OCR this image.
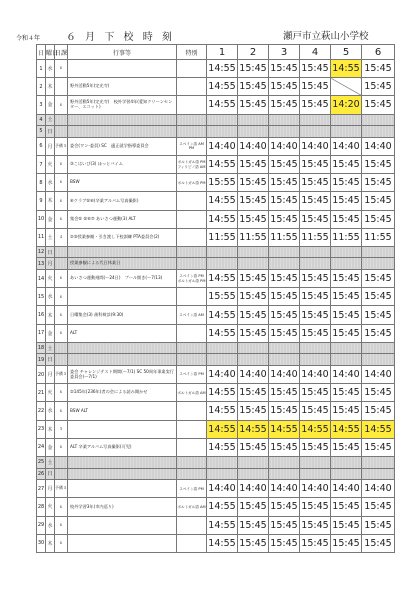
令和４年	６ 月 下 校 時 刻	瀬戸市立萩山小学校
日	曜日	日課	行事等	特別	1	2	3	4	5	6
1	水	６			14:55	15:45	15:45	15:45	14:55	15:45
2	木		野外活動5年(定光寺)		14:55	15:45	15:45	15:45		15:45
3	金	６	野外活動5年(定光寺)　校外学習4年(愛知クリーンセンター、エコット)		14:55	15:45	15:45	15:45	14:20	15:45
4	土									
5	日									
6	月	予備５	委会(ワン-委員) SC　適正就学指導委員会	スペイン語 AM　PM	14:40	14:40	14:40	14:40	14:40	14:40
7	火	６	③こはいび(3) ほっとバイム	ポルトガル語 PM　フィリピノ語 AM	14:55	15:45	15:45	15:45	15:45	15:45
8	水	６	BSW	ポルトガル語 PM	15:55	15:45	15:45	15:45	15:45	15:45
9	木	６	⑥クラブ⑤⑥(卒業アルバム写真撮影)		14:55	15:45	15:45	15:45	15:45	15:45
10	金	６	集会⑤ ⑤⑥⑦ あいさつ運動(3) ALT		14:55	15:45	15:45	15:45	15:45	15:45
11	土	４	②③授業参観・引き渡し下校訓練 PTA委員会(2)		11:55	11:55	11:55	11:55	11:55	11:55
12	日									
13	月		授業参観による代日休業日							
14	火	６	あいさつ運動週間(～24日)　プール開き(～7/13)	スペイン語 PM　ポルトガル語 PM	14:55	15:45	15:45	15:45	15:45	15:45
15	水	６			15:55	15:45	15:45	15:45	15:45	15:45
16	木	６	日曜集会(3) 歯科検診(9:30)	スペイン語 AM	14:55	15:45	15:45	15:45	15:45	15:45
17	金	６	ALT		14:55	15:45	15:45	15:45	15:45	15:45
18	土									
19	日									
20	月	予備５	委会 チャレンジテスト期間(～7/1) SC 50周年事業実行委員会(～7/1)	スペイン語 PM	14:40	14:40	14:40	14:40	14:40	14:40
21	火	６	②145年(236年)者の会による読み聞かせ	ポルトガル語 AM	14:55	15:45	15:45	15:45	15:45	15:45
22	水	６	BSW ALT		14:55	15:45	15:45	15:45	15:45	15:45
23	木	５			14:55	14:55	14:55	14:55	14:55	14:55
24	金	６	ALT 卒業アルバム写真撮影(可児)		14:55	15:45	15:45	15:45	15:45	15:45
25	土									
26	日									
27	月	予備５		スペイン語 PM	14:40	14:40	14:40	14:40	14:40	14:40
28	火	６	校外学習3年(市内巡り)	ポルトガル語 AM	14:55	15:45	15:45	15:45	15:45	15:45
29	水	６			14:55	15:45	15:45	15:45	15:45	15:45
30	木	６			14:55	15:45	15:45	15:45	15:45	15:45
